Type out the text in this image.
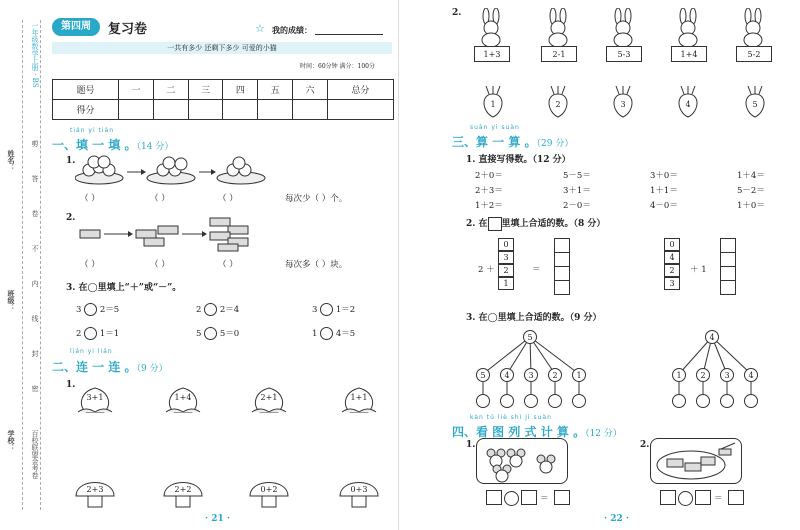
一年级数学上册 · BS
姓名：
班级：
学校： 百校联盟金考卷
剪
答
卷
不
内
线
封
密
第四周	复习卷	☆ 我的成绩：
一共有多少 还剩下多少 可爱的小猫
时间：60分钟 满分：100分
题号	一	二	三	四	五	六	总分
得分							
tián yi tián
一、填 一 填 。（14 分）
1.
（ ）	（ ）	（ ）	每次少（ ）个。
2.
（ ）	（ ）	（ ）	每次多（ ）块。
3. 在◯里填上“＋”或“－”。
3 2＝5	2 2＝4	3 1＝2
2 1＝1	5 5＝0	1 4＝5
lián yi lián
二、连 一 连 。（9 分）
1.
3+1	1+4	2+1	1+1
2+3	2+2	0+2	0+3
· 21 ·
2.
1+3	2-1	5-3	1+4	5-2
1	2	3	4	5
suàn yi suàn
三、算 一 算 。（29 分）
1. 直接写得数。（12 分）
2＋0＝	5－5＝	3＋0＝	1＋4＝
2＋3＝	3＋1＝	1＋1＝	5－2＝
1＋2＝	2－0＝	4－0＝	1＋0＝
2. 在 里填上合适的数。（8 分）
2 ＋
0
3
2
1
＝
0
4
2
3
＋ 1
3. 在◯里填上合适的数。（9 分）
5
5	4	3	2	1
4
1	2	3	4
kàn tú liè shì jì suàn
四、看 图 列 式 计 算 。（12 分）
1.
＝
2.
＝
· 22 ·
